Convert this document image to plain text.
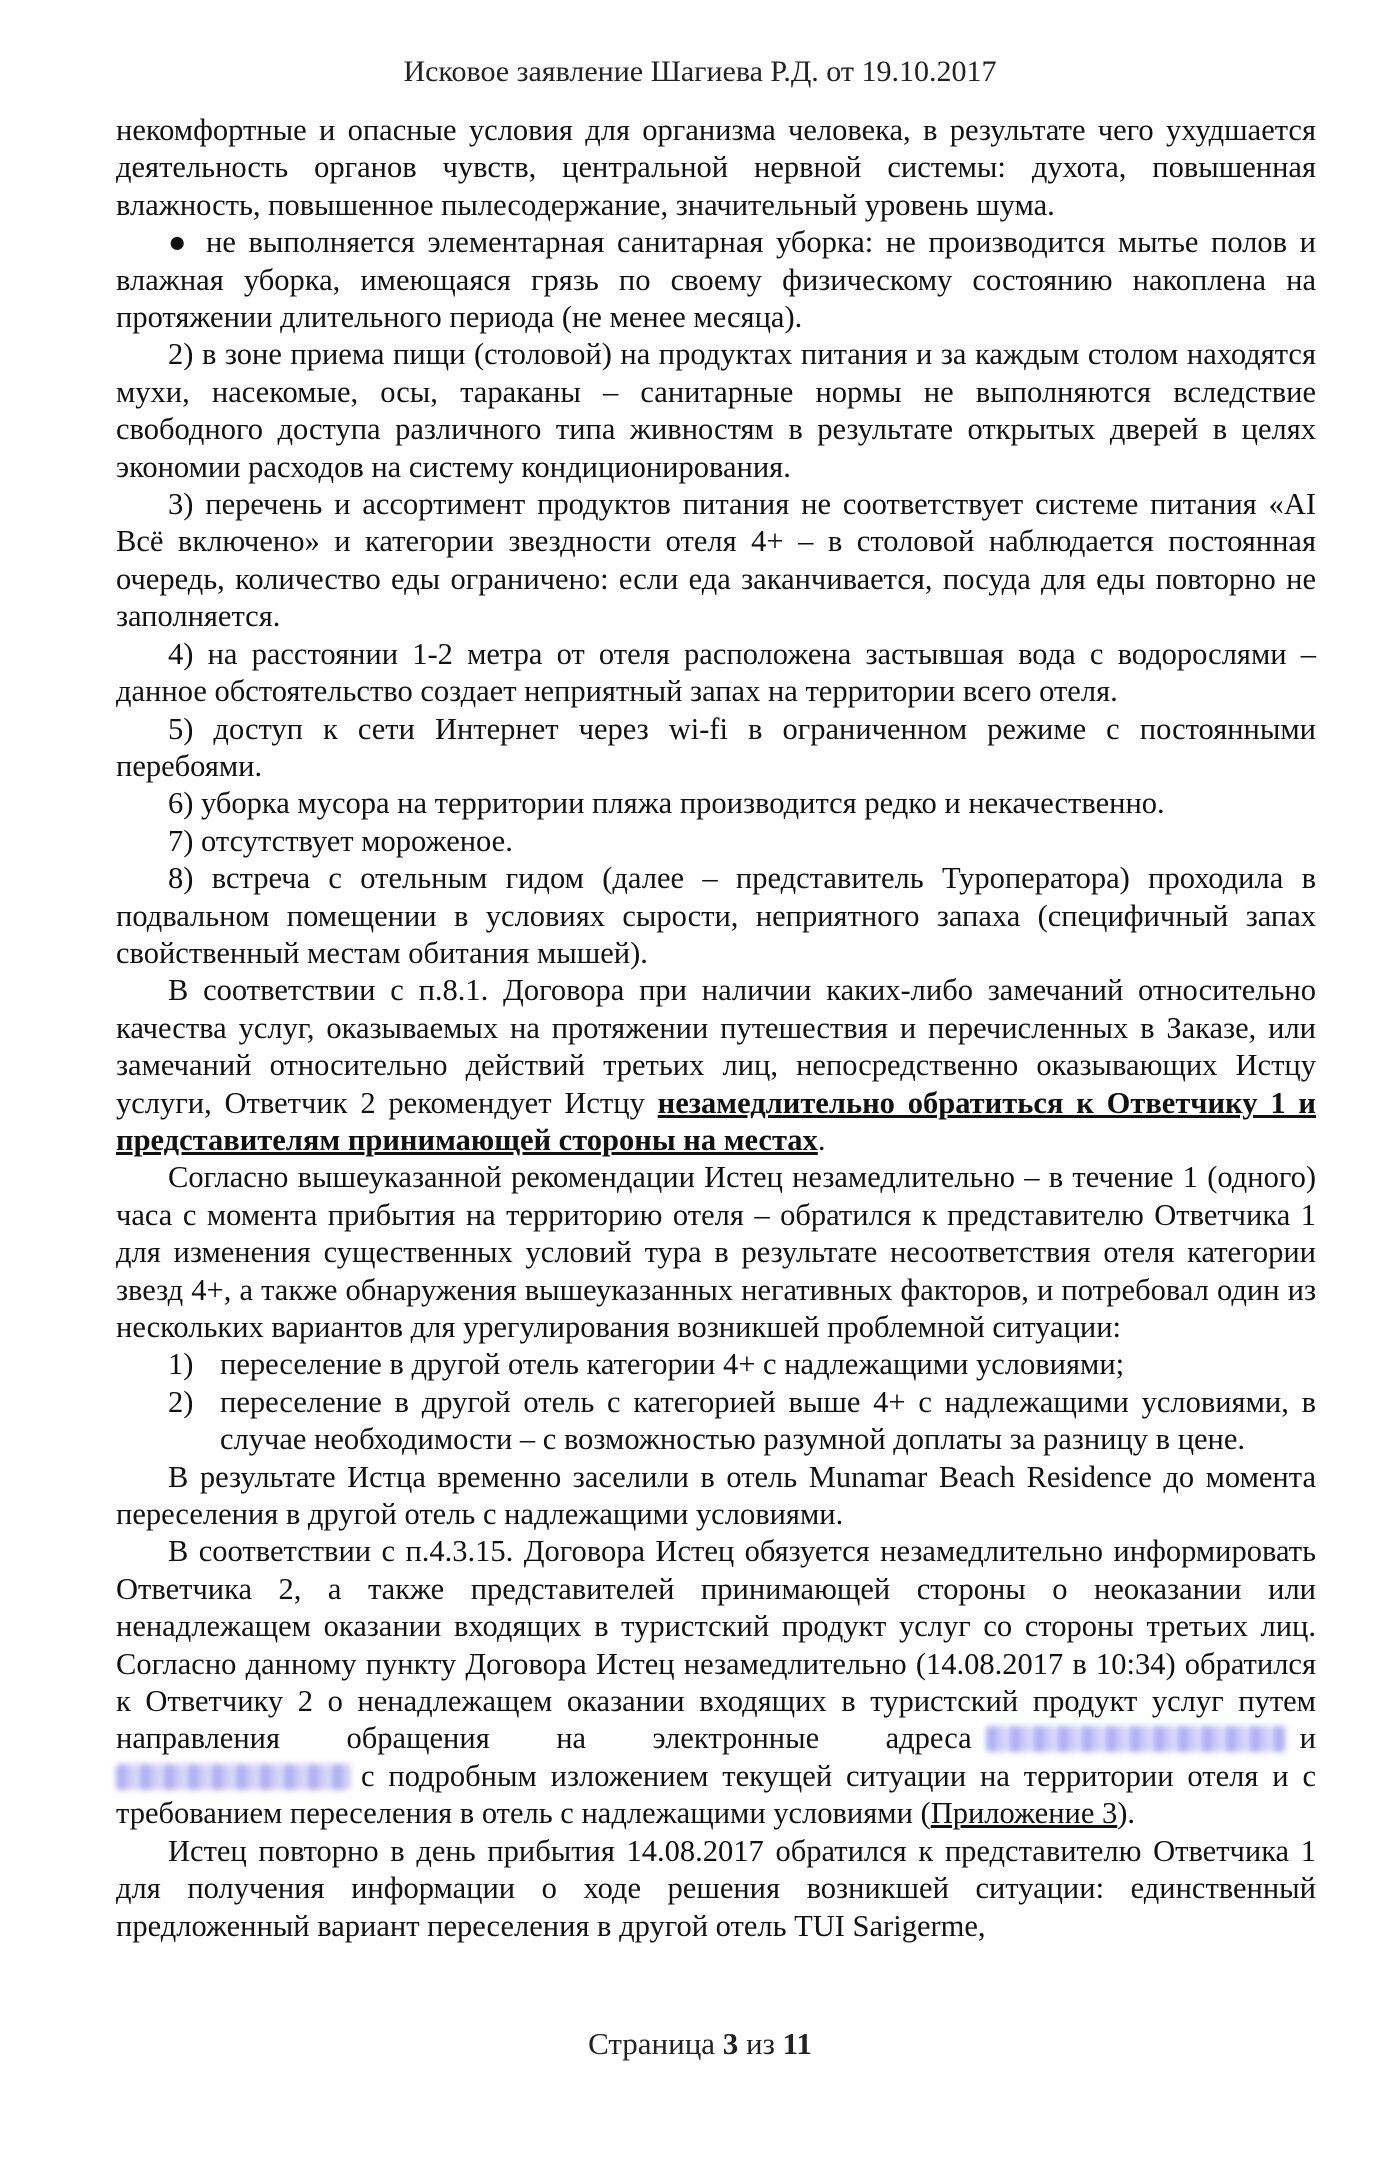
Исковое заявление Шагиева Р.Д. от 19.10.2017

некомфортные и опасные условия для организма человека, в результате чего ухудшается деятельность органов чувств, центральной нервной системы: духота, повышенная влажность, повышенное пылесодержание, значительный уровень шума.

● не выполняется элементарная санитарная уборка: не производится мытье полов и влажная уборка, имеющаяся грязь по своему физическому состоянию накоплена на протяжении длительного периода (не менее месяца).

2) в зоне приема пищи (столовой) на продуктах питания и за каждым столом находятся мухи, насекомые, осы, тараканы – санитарные нормы не выполняются вследствие свободного доступа различного типа живностям в результате открытых дверей в целях экономии расходов на систему кондиционирования.

3) перечень и ассортимент продуктов питания не соответствует системе питания «AI Всё включено» и категории звездности отеля 4+ – в столовой наблюдается постоянная очередь, количество еды ограничено: если еда заканчивается, посуда для еды повторно не заполняется.

4) на расстоянии 1-2 метра от отеля расположена застывшая вода с водорослями – данное обстоятельство создает неприятный запах на территории всего отеля.

5) доступ к сети Интернет через wi-fi в ограниченном режиме с постоянными перебоями.

6) уборка мусора на территории пляжа производится редко и некачественно.

7) отсутствует мороженое.

8) встреча с отельным гидом (далее – представитель Туроператора) проходила в подвальном помещении в условиях сырости, неприятного запаха (специфичный запах свойственный местам обитания мышей).

В соответствии с п.8.1. Договора при наличии каких-либо замечаний относительно качества услуг, оказываемых на протяжении путешествия и перечисленных в Заказе, или замечаний относительно действий третьих лиц, непосредственно оказывающих Истцу услуги, Ответчик 2 рекомендует Истцу незамедлительно обратиться к Ответчику 1 и представителям принимающей стороны на местах.

Согласно вышеуказанной рекомендации Истец незамедлительно – в течение 1 (одного) часа с момента прибытия на территорию отеля – обратился к представителю Ответчика 1 для изменения существенных условий тура в результате несоответствия отеля категории звезд 4+, а также обнаружения вышеуказанных негативных факторов, и потребовал один из нескольких вариантов для урегулирования возникшей проблемной ситуации:

1) переселение в другой отель категории 4+ с надлежащими условиями;
2) переселение в другой отель с категорией выше 4+ с надлежащими условиями, в случае необходимости – с возможностью разумной доплаты за разницу в цене.

В результате Истца временно заселили в отель Munamar Beach Residence до момента переселения в другой отель с надлежащими условиями.

В соответствии с п.4.3.15. Договора Истец обязуется незамедлительно информировать Ответчика 2, а также представителей принимающей стороны о неоказании или ненадлежащем оказании входящих в туристский продукт услуг со стороны третьих лиц. Согласно данному пункту Договора Истец незамедлительно (14.08.2017 в 10:34) обратился к Ответчику 2 о ненадлежащем оказании входящих в туристский продукт услуг путем направления обращения на электронные адреса	и с подробным изложением текущей ситуации на территории отеля и с требованием переселения в отель с надлежащими условиями (Приложение 3).

Истец повторно в день прибытия 14.08.2017 обратился к представителю Ответчика 1 для получения информации о ходе решения возникшей ситуации: единственный предложенный вариант переселения в другой отель TUI Sarigerme,

Страница 3 из 11
